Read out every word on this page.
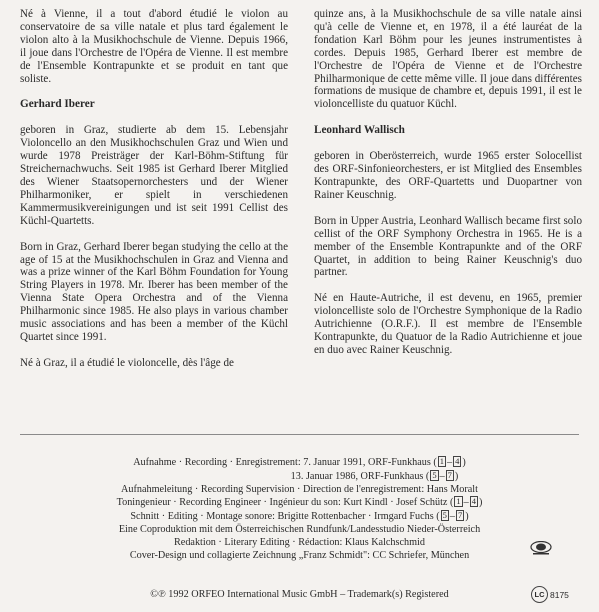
Né à Vienne, il a tout d'abord étudié le violon au conservatoire de sa ville natale et plus tard également le violon alto à la Musikhochschule de Vienne. Depuis 1966, il joue dans l'Orchestre de l'Opéra de Vienne. Il est membre de l'Ensemble Kontrapunkte et se produit en tant que soliste.

Gerhard Iberer

geboren in Graz, studierte ab dem 15. Lebensjahr Violoncello an den Musikhochschulen Graz und Wien und wurde 1978 Preisträger der Karl-Böhm-Stiftung für Streichernachwuchs. Seit 1985 ist Gerhard Iberer Mitglied des Wiener Staatsopernorchesters und der Wiener Philharmoniker, er spielt in verschiedenen Kammermusikvereinigungen und ist seit 1991 Cellist des Küchl-Quartetts.

Born in Graz, Gerhard Iberer began studying the cello at the age of 15 at the Musikhochschulen in Graz and Vienna and was a prize winner of the Karl Böhm Foundation for Young String Players in 1978. Mr. Iberer has been member of the Vienna State Opera Orchestra and of the Vienna Philharmonic since 1985. He also plays in various chamber music associations and has been a member of the Küchl Quartet since 1991.

Né à Graz, il a étudié le violoncelle, dès l'âge de

quinze ans, à la Musikhochschule de sa ville natale ainsi qu'à celle de Vienne et, en 1978, il a été lauréat de la fondation Karl Böhm pour les jeunes instrumentistes à cordes. Depuis 1985, Gerhard Iberer est membre de l'Orchestre de l'Opéra de Vienne et de l'Orchestre Philharmonique de cette même ville. Il joue dans différentes formations de musique de chambre et, depuis 1991, il est le violoncelliste du quatuor Küchl.

Leonhard Wallisch

geboren in Oberösterreich, wurde 1965 erster Solocellist des ORF-Sinfonieorchesters, er ist Mitglied des Ensembles Kontrapunkte, des ORF-Quartetts und Duopartner von Rainer Keuschnig.

Born in Upper Austria, Leonhard Wallisch became first solo cellist of the ORF Symphony Orchestra in 1965. He is a member of the Ensemble Kontrapunkte and of the ORF Quartet, in addition to being Rainer Keuschnig's duo partner.

Né en Haute-Autriche, il est devenu, en 1965, premier violoncelliste solo de l'Orchestre Symphonique de la Radio Autrichienne (O.R.F.). Il est membre de l'Ensemble Kontrapunkte, du Quatuor de la Radio Autrichienne et joue en duo avec Rainer Keuschnig.

Aufnahme · Recording · Enregistrement: 7. Januar 1991, ORF-Funkhaus ( 1 – 4 )
13. Januar 1986, ORF-Funkhaus ( 5 – 7 )
Aufnahmeleitung · Recording Supervision · Direction de l'enregistrement: Hans Moralt
Toningenieur · Recording Engineer · Ingénieur du son: Kurt Kindl · Josef Schütz ( 1 – 4 )
Schnitt · Editing · Montage sonore: Brigitte Rottenbacher · Irmgard Fuchs ( 5 – 7 )
Eine Coproduktion mit dem Österreichischen Rundfunk/Landesstudio Nieder-Österreich
Redaktion · Literary Editing · Rédaction: Klaus Kalchschmid
Cover-Design und collagierte Zeichnung „Franz Schmidt": CC Schriefer, München
©℗ 1992 ORFEO International Music GmbH – Trademark(s) Registered	LC 8175
